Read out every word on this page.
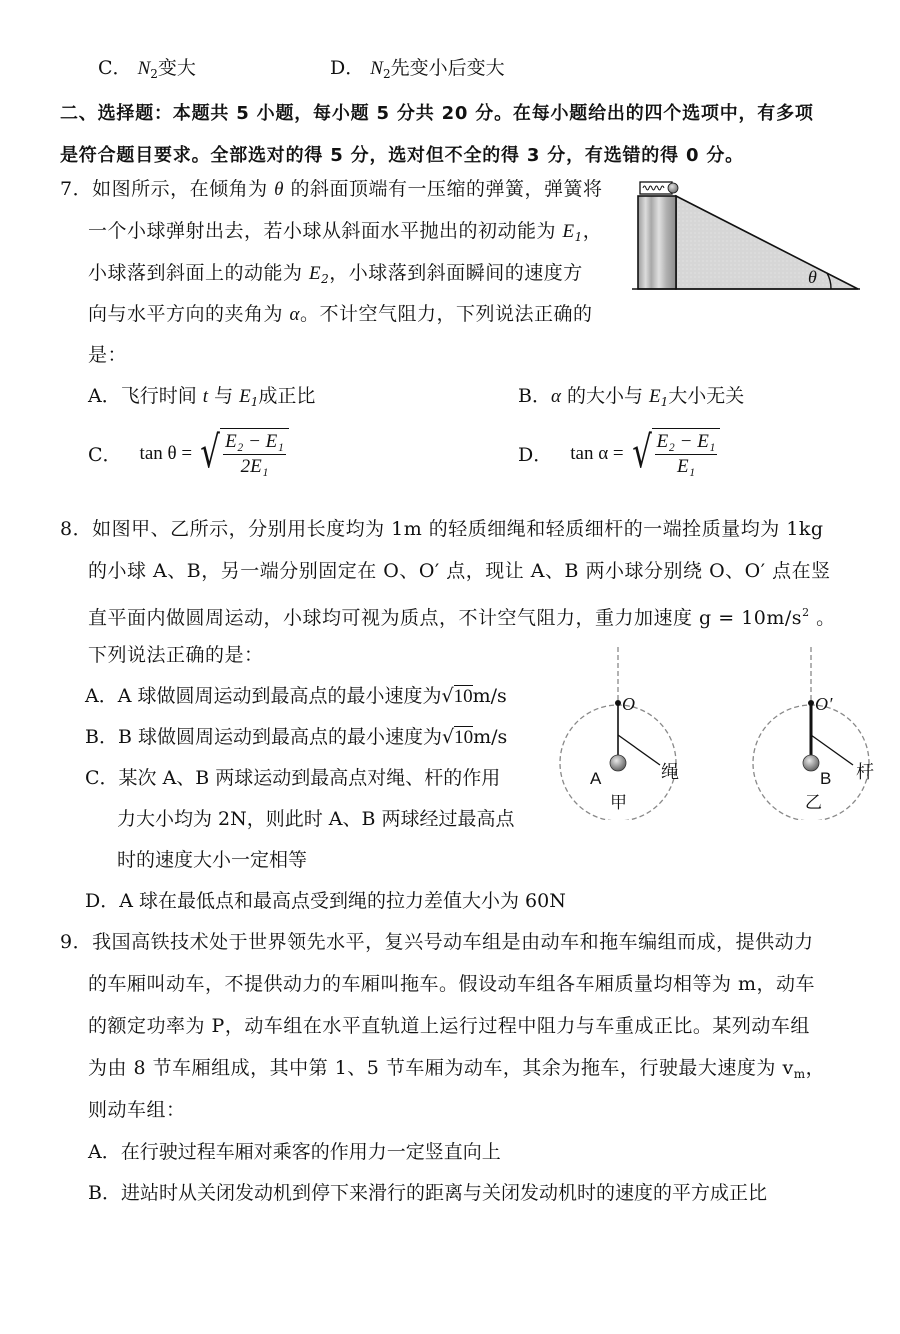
C． $N_2$变大	D． $N_2$先变小后变大
二、选择题：本题共 5 小题，每小题 5 分共 20 分。在每小题给出的四个选项中，有多项
是符合题目要求。全部选对的得 5 分，选对但不全的得 3 分，有选错的得 0 分。
7．如图所示，在倾角为 θ 的斜面顶端有一压缩的弹簧，弹簧将
一个小球弹射出去，若小球从斜面水平抛出的初动能为 $E_1$，
小球落到斜面上的动能为 $E_2$，小球落到斜面瞬间的速度方
向与水平方向的夹角为 α。不计空气阻力，下列说法正确的
是：
θ
A．飞行时间 t 与 $E_1$成正比	B．α 的大小与 $E_1$大小无关
C． tan θ = √ $\frac{\text{E₂ − E₁}}{\text{2E₁}}$	D． tan α = √ $\frac{\text{E₂ − E₁}}{\text{E₁}}$
8．如图甲、乙所示，分别用长度均为 1m 的轻质细绳和轻质细杆的一端拴质量均为 1kg
的小球 A、B，另一端分别固定在 O、O′ 点，现让 A、B 两小球分别绕 O、O′ 点在竖
直平面内做圆周运动，小球均可视为质点，不计空气阻力，重力加速度 $g = 10m/s^2$ 。
下列说法正确的是：
A．A 球做圆周运动到最高点的最小速度为√10m/s
B．B 球做圆周运动到最高点的最小速度为√10m/s
C．某次 A、B 两球运动到最高点对绳、杆的作用
力大小均为 2N，则此时 A、B 两球经过最高点
时的速度大小一定相等
D．A 球在最低点和最高点受到绳的拉力差值大小为 60N
O
A	绳
甲
O′
B 杆
乙
9．我国高铁技术处于世界领先水平，复兴号动车组是由动车和拖车编组而成，提供动力
的车厢叫动车，不提供动力的车厢叫拖车。假设动车组各车厢质量均相等为 m，动车
的额定功率为 P，动车组在水平直轨道上运行过程中阻力与车重成正比。某列动车组
为由 8 节车厢组成，其中第 1、5 节车厢为动车，其余为拖车，行驶最大速度为 $v_m$，
则动车组：
A．在行驶过程车厢对乘客的作用力一定竖直向上
B．进站时从关闭发动机到停下来滑行的距离与关闭发动机时的速度的平方成正比
